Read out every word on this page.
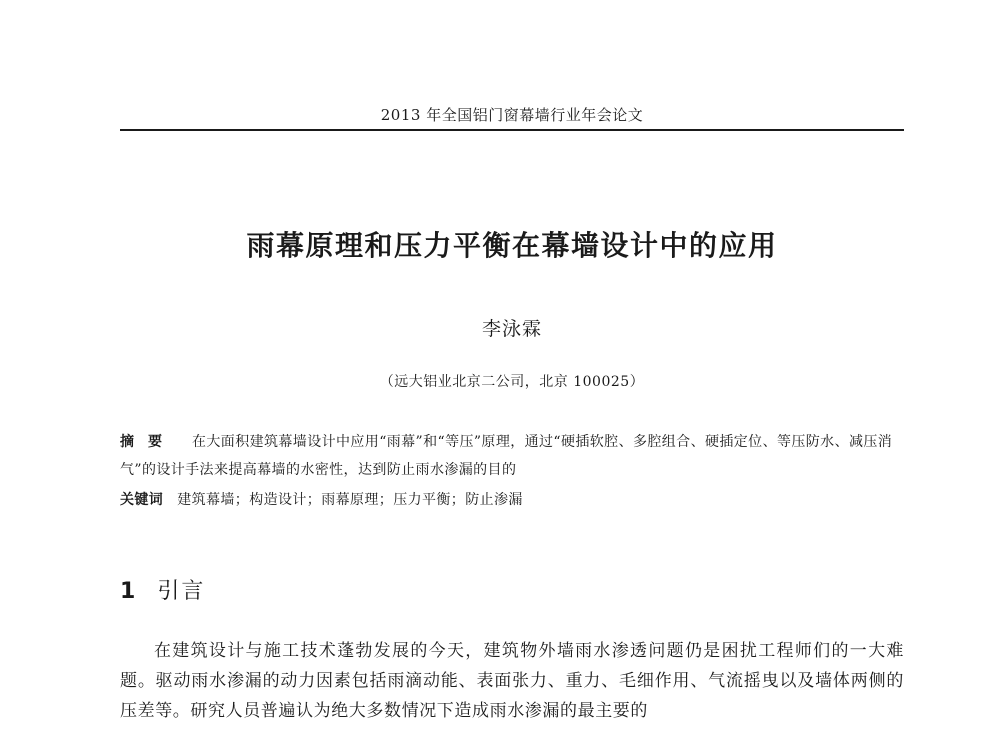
2013 年全国铝门窗幕墙行业年会论文
雨幕原理和压力平衡在幕墙设计中的应用
李泳霖
（远大铝业北京二公司，北京 100025）
摘要 在大面积建筑幕墙设计中应用“雨幕”和“等压”原理，通过“硬插软腔、多腔组合、硬插定位、等压防水、减压消气”的设计手法来提高幕墙的水密性，达到防止雨水渗漏的目的
关键词 建筑幕墙；构造设计；雨幕原理；压力平衡；防止渗漏
1 引言
在建筑设计与施工技术蓬勃发展的今天，建筑物外墙雨水渗透问题仍是困扰工程师们的一大难题。驱动雨水渗漏的动力因素包括雨滴动能、表面张力、重力、毛细作用、气流摇曳以及墙体两侧的压差等。研究人员普遍认为绝大多数情况下造成雨水渗漏的最主要的
